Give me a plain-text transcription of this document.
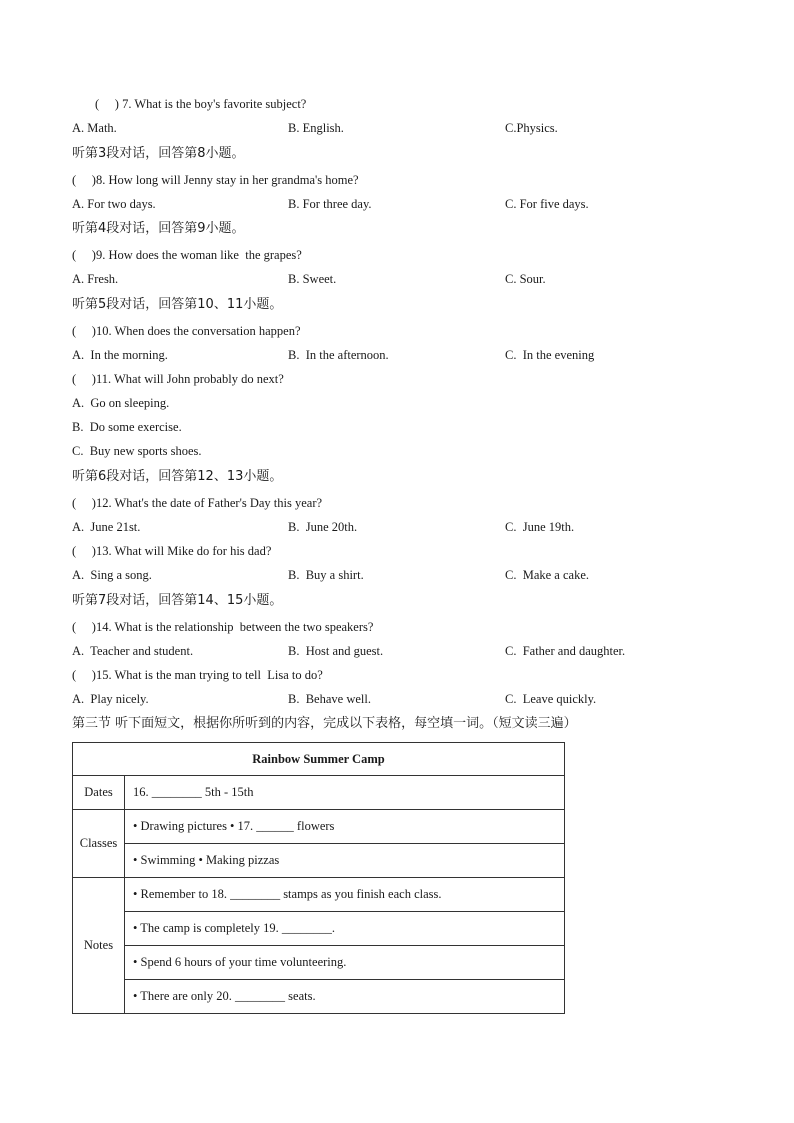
(     ) 7. What is the boy's favorite subject?
A. Math.	B. English.	C.Physics.
听第3段对话，回答第8小题。
(     )8. How long will Jenny stay in her grandma's home?
A. For two days.	B. For three day.	C. For five days.
听第4段对话，回答第9小题。
(     )9. How does the woman like  the grapes?
A. Fresh.	B. Sweet.	C. Sour.
听第5段对话，回答第10、11小题。
(     )10. When does the conversation happen?
A.  In the morning.	B.  In the afternoon.	C.  In the evening
(     )11. What will John probably do next?
A.  Go on sleeping.
B.  Do some exercise.
C.  Buy new sports shoes.
听第6段对话，回答第12、13小题。
(     )12. What's the date of Father's Day this year?
A.  June 21st.	B.  June 20th.	C.  June 19th.
(     )13. What will Mike do for his dad?
A.  Sing a song.	B.  Buy a shirt.	C.  Make a cake.
听第7段对话，回答第14、15小题。
(     )14. What is the relationship  between the two speakers?
A.  Teacher and student.	B.  Host and guest.	C.  Father and daughter.
(     )15. What is the man trying to tell  Lisa to do?
A.  Play nicely.	B.  Behave well.	C.  Leave quickly.
第三节 听下面短文，根据你所听到的内容，完成以下表格，每空填一词。（短文读三遍）
Rainbow Summer Camp	
Dates	16. ________ 5th - 15th
Classes	• Drawing pictures • 17. ______ flowers
	• Swimming • Making pizzas
Notes	• Remember to 18. ________ stamps as you finish each class.
	• The camp is completely 19. ________.
	• Spend 6 hours of your time volunteering.
	• There are only 20. ________ seats.
